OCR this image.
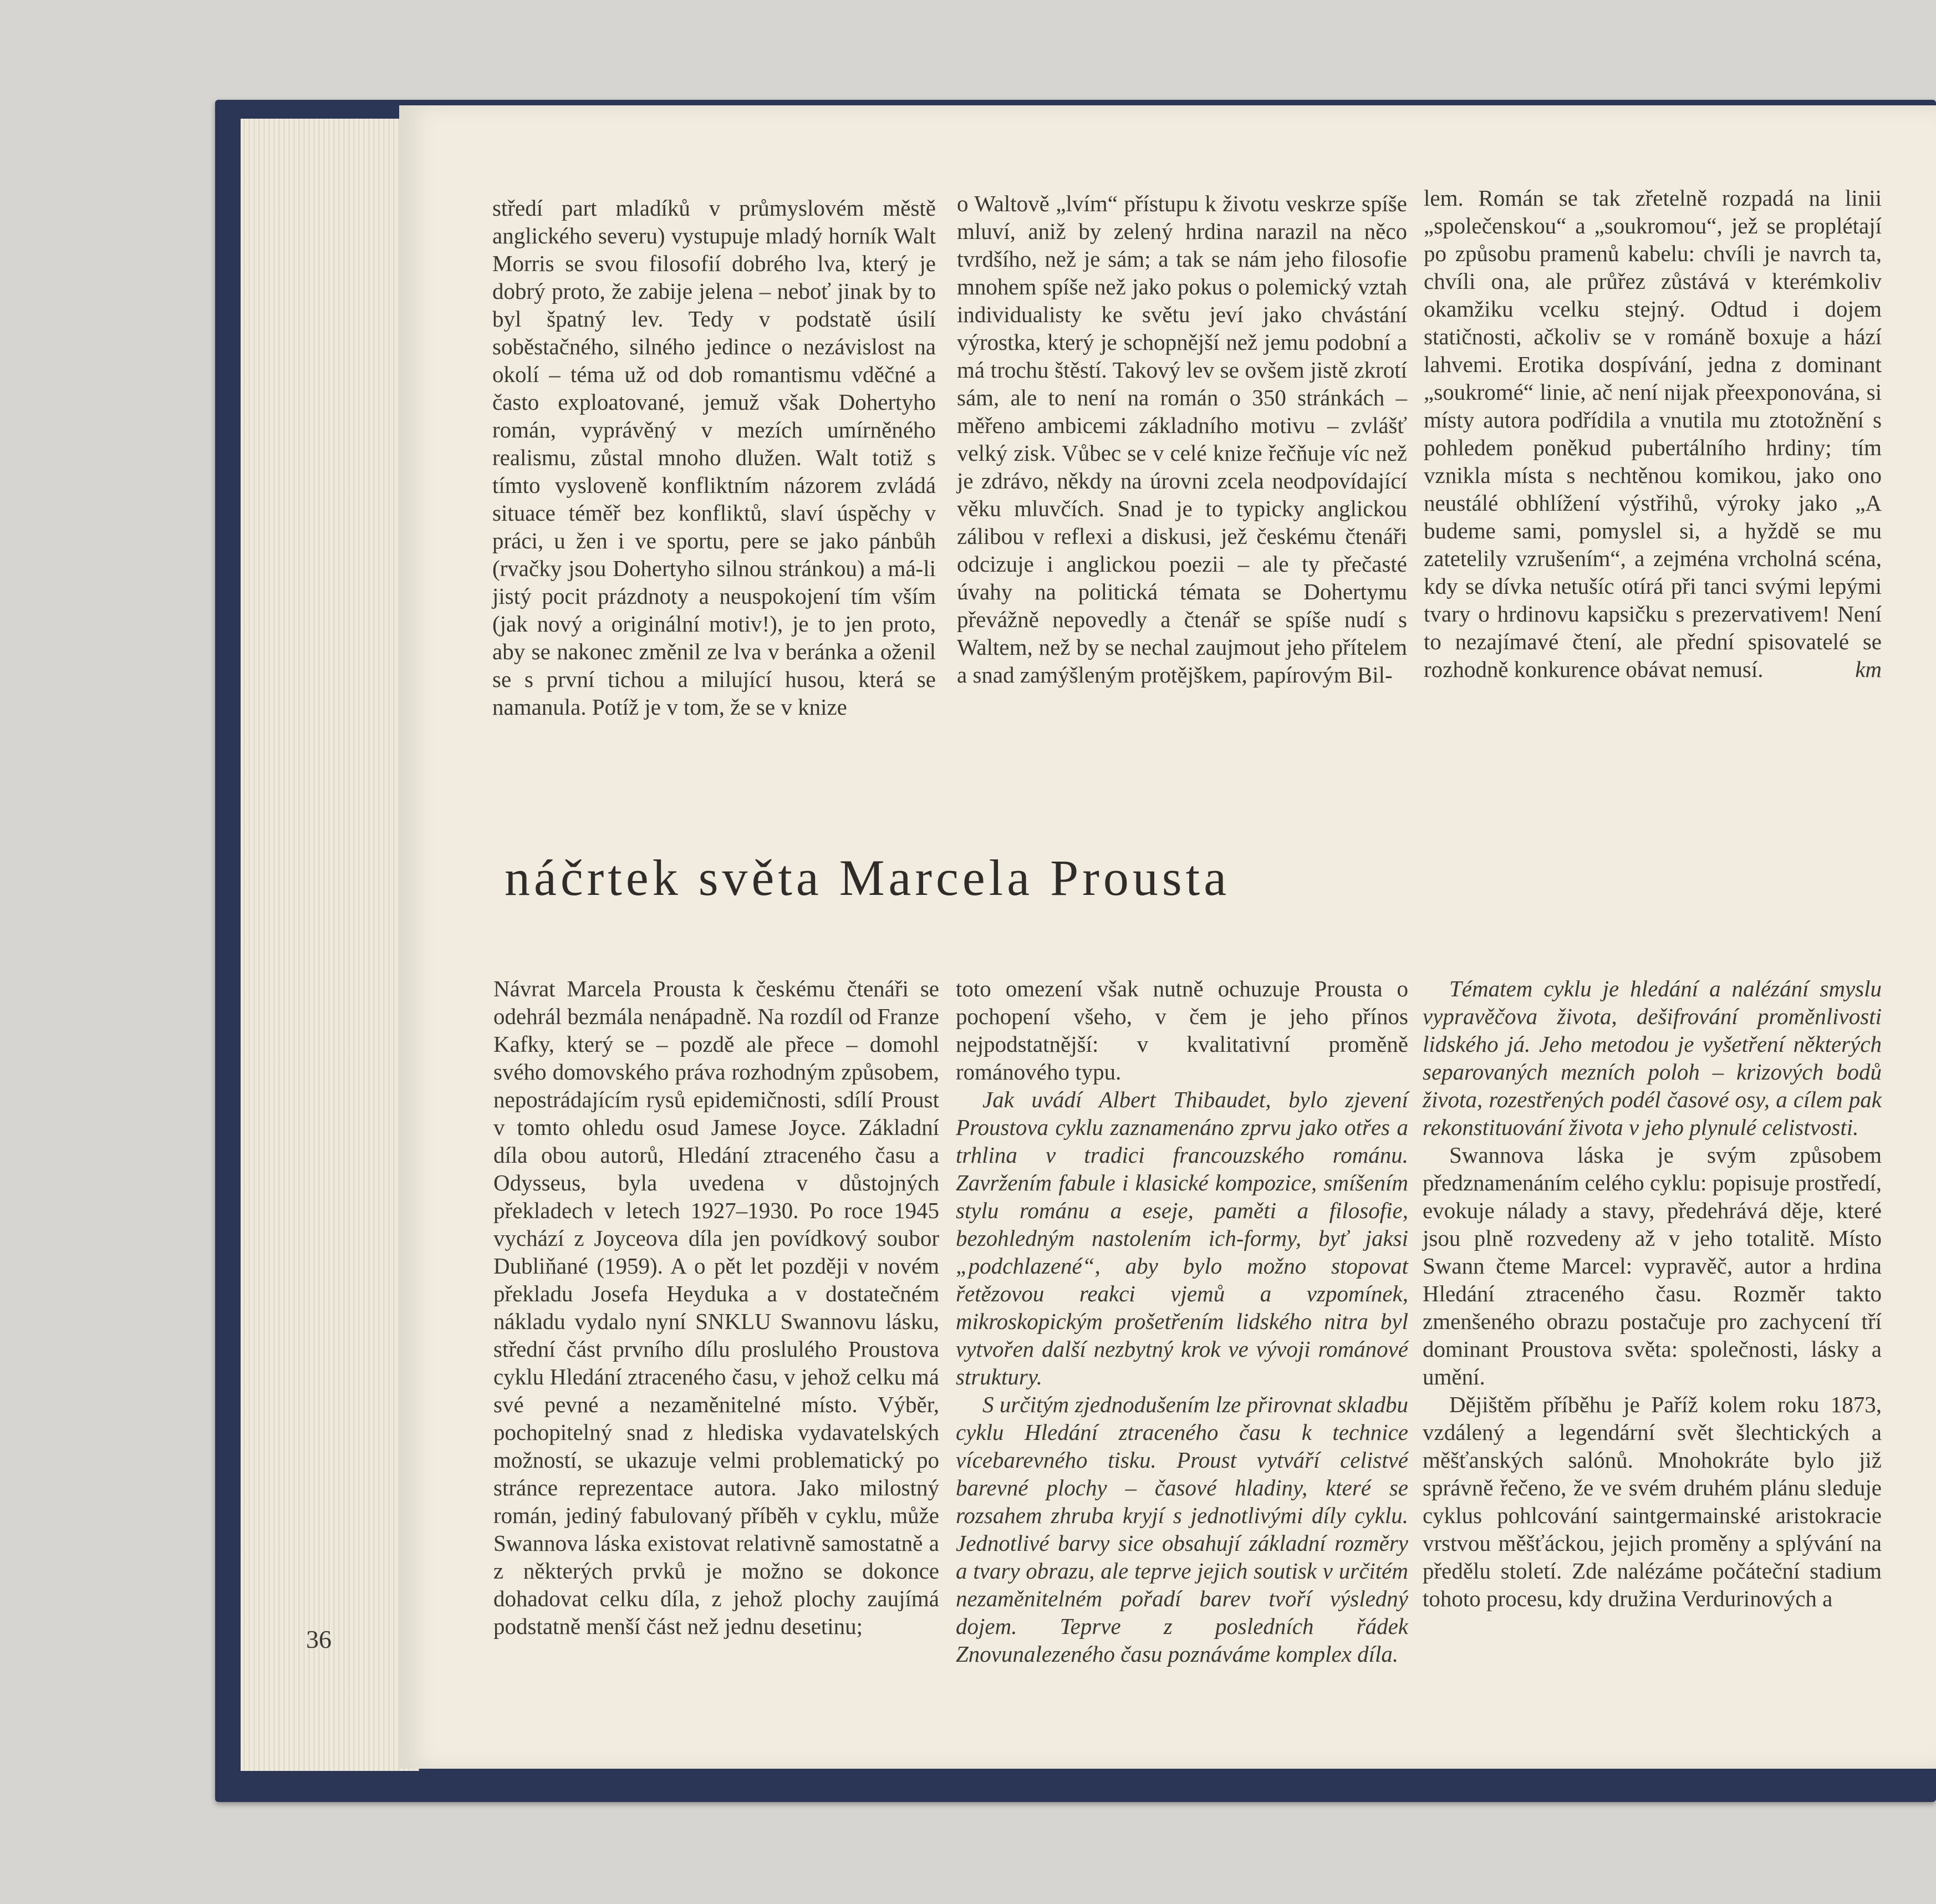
středí part mladíků v průmyslovém městě anglického severu) vystupuje mladý horník Walt Morris se svou filosofií dobrého lva, který je dobrý proto, že zabije jelena – neboť jinak by to byl špatný lev. Tedy v podstatě úsilí soběstačného, silného jedince o nezávislost na okolí – téma už od dob romantismu vděčné a často exploatované, jemuž však Dohertyho román, vyprávěný v mezích umírněného realismu, zůstal mnoho dlužen. Walt totiž s tímto vysloveně konfliktním názorem zvládá situace téměř bez konfliktů, slaví úspěchy v práci, u žen i ve sportu, pere se jako pánbůh (rvačky jsou Dohertyho silnou stránkou) a má-li jistý pocit prázdnoty a neuspokojení tím vším (jak nový a originální motiv!), je to jen proto, aby se nakonec změnil ze lva v beránka a oženil se s první tichou a milující husou, která se namanula. Potíž je v tom, že se v knize

o Waltově „lvím“ přístupu k životu veskrze spíše mluví, aniž by zelený hrdina narazil na něco tvrdšího, než je sám; a tak se nám jeho filosofie mnohem spíše než jako pokus o polemický vztah individualisty ke světu jeví jako chvástání výrostka, který je schopnější než jemu podobní a má trochu štěstí. Takový lev se ovšem jistě zkrotí sám, ale to není na román o 350 stránkách – měřeno ambicemi základního motivu – zvlášť velký zisk. Vůbec se v celé knize řečňuje víc než je zdrávo, někdy na úrovni zcela neodpovídající věku mluvčích. Snad je to typicky anglickou zálibou v reflexi a diskusi, jež českému čtenáři odcizuje i anglickou poezii – ale ty přečasté úvahy na politická témata se Dohertymu převážně nepovedly a čtenář se spíše nudí s Waltem, než by se nechal zaujmout jeho přítelem a snad zamýšleným protějškem, papírovým Bil-

lem. Román se tak zřetelně rozpadá na linii „společenskou“ a „soukromou“, jež se proplétají po způsobu pramenů kabelu: chvíli je navrch ta, chvíli ona, ale průřez zůstává v kterémkoliv okamžiku vcelku stejný. Odtud i dojem statičnosti, ačkoliv se v románě boxuje a hází lahvemi. Erotika dospívání, jedna z dominant „soukromé“ linie, ač není nijak přeexponována, si místy autora podřídila a vnutila mu ztotožnění s pohledem poněkud pubertálního hrdiny; tím vznikla místa s nechtěnou komikou, jako ono neustálé obhlížení výstřihů, výroky jako „A budeme sami, pomyslel si, a hyždě se mu zatetelily vzrušením“, a zejména vrcholná scéna, kdy se dívka netušíc otírá při tanci svými lepými tvary o hrdinovu kapsičku s prezervativem! Není to nezajímavé čtení, ale přední spisovatelé se rozhodně konkurence obávat nemusí.	km

náčrtek světa Marcela Prousta

Návrat Marcela Prousta k českému čtenáři se odehrál bezmála nenápadně. Na rozdíl od Franze Kafky, který se – pozdě ale přece – domohl svého domovského práva rozhodným způsobem, nepostrádajícím rysů epidemičnosti, sdílí Proust v tomto ohledu osud Jamese Joyce. Základní díla obou autorů, Hledání ztraceného času a Odysseus, byla uvedena v důstojných překladech v letech 1927–1930. Po roce 1945 vychází z Joyceova díla jen povídkový soubor Dubliňané (1959). A o pět let později v novém překladu Josefa Heyduka a v dostatečném nákladu vydalo nyní SNKLU Swannovu lásku, střední část prvního dílu proslulého Proustova cyklu Hledání ztraceného času, v jehož celku má své pevné a nezaměnitelné místo. Výběr, pochopitelný snad z hlediska vydavatelských možností, se ukazuje velmi problematický po stránce reprezentace autora. Jako milostný román, jediný fabulovaný příběh v cyklu, může Swannova láska existovat relativně samostatně a z některých prvků je možno se dokonce dohadovat celku díla, z jehož plochy zaujímá podstatně menší část než jednu desetinu;

toto omezení však nutně ochuzuje Prousta o pochopení všeho, v čem je jeho přínos nejpodstatnější: v kvalitativní proměně románového typu.

Jak uvádí Albert Thibaudet, bylo zjevení Proustova cyklu zaznamenáno zprvu jako otřes a trhlina v tradici francouzského románu. Zavržením fabule i klasické kompozice, smíšením stylu románu a eseje, paměti a filosofie, bezohledným nastolením ich-formy, byť jaksi „podchlazené“, aby bylo možno stopovat řetězovou reakci vjemů a vzpomínek, mikroskopickým prošetřením lidského nitra byl vytvořen další nezbytný krok ve vývoji románové struktury.

S určitým zjednodušením lze přirovnat skladbu cyklu Hledání ztraceného času k technice vícebarevného tisku. Proust vytváří celistvé barevné plochy – časové hladiny, které se rozsahem zhruba kryjí s jednotlivými díly cyklu. Jednotlivé barvy sice obsahují základní rozměry a tvary obrazu, ale teprve jejich soutisk v určitém nezaměnitelném pořadí barev tvoří výsledný dojem. Teprve z posledních řádek Znovunalezeného času poznáváme komplex díla.

Tématem cyklu je hledání a nalézání smyslu vypravěčova života, dešifrování proměnlivosti lidského já. Jeho metodou je vyšetření některých separovaných mezních poloh – krizových bodů života, rozestřených podél časové osy, a cílem pak rekonstituování života v jeho plynulé celistvosti.

Swannova láska je svým způsobem předznamenáním celého cyklu: popisuje prostředí, evokuje nálady a stavy, předehrává děje, které jsou plně rozvedeny až v jeho totalitě. Místo Swann čteme Marcel: vypravěč, autor a hrdina Hledání ztraceného času. Rozměr takto zmenšeného obrazu postačuje pro zachycení tří dominant Proustova světa: společnosti, lásky a umění.

Dějištěm příběhu je Paříž kolem roku 1873, vzdálený a legendární svět šlechtických a měšťanských salónů. Mnohokráte bylo již správně řečeno, že ve svém druhém plánu sleduje cyklus pohlcování saintgermainské aristokracie vrstvou měšťáckou, jejich proměny a splývání na předělu století. Zde nalézáme počáteční stadium tohoto procesu, kdy družina Verdurinových a

36
